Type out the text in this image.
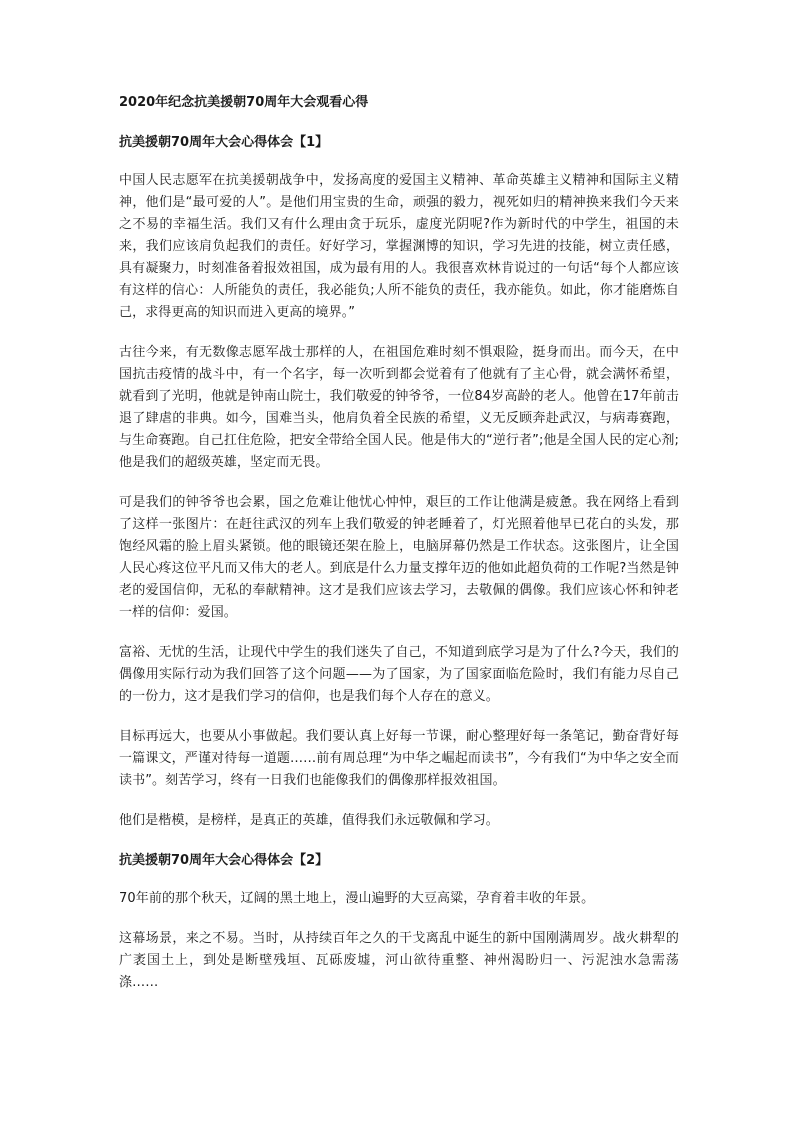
2020年纪念抗美援朝70周年大会观看心得
抗美援朝70周年大会心得体会【1】

中国人民志愿军在抗美援朝战争中，发扬高度的爱国主义精神、革命英雄主义精神和国际主义精神，他们是“最可爱的人”。是他们用宝贵的生命，顽强的毅力，视死如归的精神换来我们今天来之不易的幸福生活。我们又有什么理由贪于玩乐，虚度光阴呢?作为新时代的中学生，祖国的未来，我们应该肩负起我们的责任。好好学习，掌握渊博的知识，学习先进的技能，树立责任感，具有凝聚力，时刻准备着报效祖国，成为最有用的人。我很喜欢林肯说过的一句话“每个人都应该有这样的信心：人所能负的责任，我必能负;人所不能负的责任，我亦能负。如此，你才能磨炼自己，求得更高的知识而进入更高的境界。”

古往今来，有无数像志愿军战士那样的人，在祖国危难时刻不惧艰险，挺身而出。而今天，在中国抗击疫情的战斗中，有一个名字，每一次听到都会觉着有了他就有了主心骨，就会满怀希望，就看到了光明，他就是钟南山院士，我们敬爱的钟爷爷，一位84岁高龄的老人。他曾在17年前击退了肆虐的非典。如今，国难当头，他肩负着全民族的希望，义无反顾奔赴武汉，与病毒赛跑，与生命赛跑。自己扛住危险，把安全带给全国人民。他是伟大的“逆行者”;他是全国人民的定心剂;他是我们的超级英雄，坚定而无畏。

可是我们的钟爷爷也会累，国之危难让他忧心忡忡，艰巨的工作让他满是疲惫。我在网络上看到了这样一张图片：在赶往武汉的列车上我们敬爱的钟老睡着了，灯光照着他早已花白的头发，那饱经风霜的脸上眉头紧锁。他的眼镜还架在脸上，电脑屏幕仍然是工作状态。这张图片，让全国人民心疼这位平凡而又伟大的老人。到底是什么力量支撑年迈的他如此超负荷的工作呢?当然是钟老的爱国信仰，无私的奉献精神。这才是我们应该去学习，去敬佩的偶像。我们应该心怀和钟老一样的信仰：爱国。

富裕、无忧的生活，让现代中学生的我们迷失了自己，不知道到底学习是为了什么?今天，我们的偶像用实际行动为我们回答了这个问题——为了国家，为了国家面临危险时，我们有能力尽自己的一份力，这才是我们学习的信仰，也是我们每个人存在的意义。

目标再远大，也要从小事做起。我们要认真上好每一节课，耐心整理好每一条笔记，勤奋背好每一篇课文，严谨对待每一道题……前有周总理“为中华之崛起而读书”，今有我们“为中华之安全而读书”。刻苦学习，终有一日我们也能像我们的偶像那样报效祖国。

他们是楷模，是榜样，是真正的英雄，值得我们永远敬佩和学习。

抗美援朝70周年大会心得体会【2】

70年前的那个秋天，辽阔的黑土地上，漫山遍野的大豆高粱，孕育着丰收的年景。

这幕场景，来之不易。当时，从持续百年之久的干戈离乱中诞生的新中国刚满周岁。战火耕犁的广袤国土上，到处是断壁残垣、瓦砾废墟，河山欲待重整、神州渴盼归一、污泥浊水急需荡涤……
